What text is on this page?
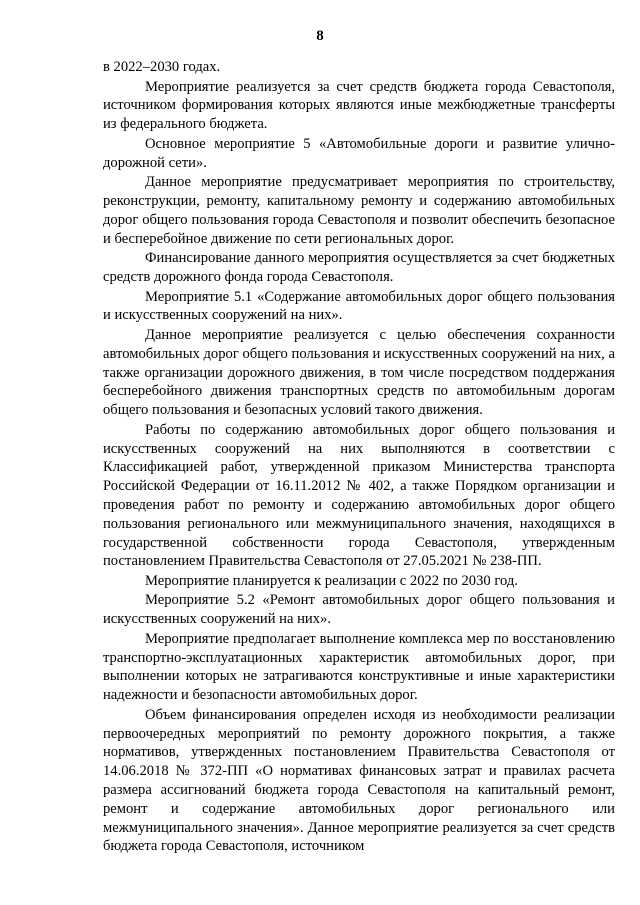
8

в 2022–2030 годах.

Мероприятие реализуется за счет средств бюджета города Севастополя, источником формирования которых являются иные межбюджетные трансферты из федерального бюджета.

Основное мероприятие 5 «Автомобильные дороги и развитие улично-дорожной сети».

Данное мероприятие предусматривает мероприятия по строительству, реконструкции, ремонту, капитальному ремонту и содержанию автомобильных дорог общего пользования города Севастополя и позволит обеспечить безопасное и бесперебойное движение по сети региональных дорог.

Финансирование данного мероприятия осуществляется за счет бюджетных средств дорожного фонда города Севастополя.

Мероприятие 5.1 «Содержание автомобильных дорог общего пользования и искусственных сооружений на них».

Данное мероприятие реализуется с целью обеспечения сохранности автомобильных дорог общего пользования и искусственных сооружений на них, а также организации дорожного движения, в том числе посредством поддержания бесперебойного движения транспортных средств по автомобильным дорогам общего пользования и безопасных условий такого движения.

Работы по содержанию автомобильных дорог общего пользования и искусственных сооружений на них выполняются в соответствии с Классификацией работ, утвержденной приказом Министерства транспорта Российской Федерации от 16.11.2012 № 402, а также Порядком организации и проведения работ по ремонту и содержанию автомобильных дорог общего пользования регионального или межмуниципального значения, находящихся в государственной собственности города Севастополя, утвержденным постановлением Правительства Севастополя от 27.05.2021 № 238-ПП.

Мероприятие планируется к реализации с 2022 по 2030 год.

Мероприятие 5.2 «Ремонт автомобильных дорог общего пользования и искусственных сооружений на них».

Мероприятие предполагает выполнение комплекса мер по восстановлению транспортно-эксплуатационных характеристик автомобильных дорог, при выполнении которых не затрагиваются конструктивные и иные характеристики надежности и безопасности автомобильных дорог.

Объем финансирования определен исходя из необходимости реализации первоочередных мероприятий по ремонту дорожного покрытия, а также нормативов, утвержденных постановлением Правительства Севастополя от 14.06.2018 № 372-ПП «О нормативах финансовых затрат и правилах расчета размера ассигнований бюджета города Севастополя на капитальный ремонт, ремонт и содержание автомобильных дорог регионального или межмуниципального значения». Данное мероприятие реализуется за счет средств бюджета города Севастополя, источником
